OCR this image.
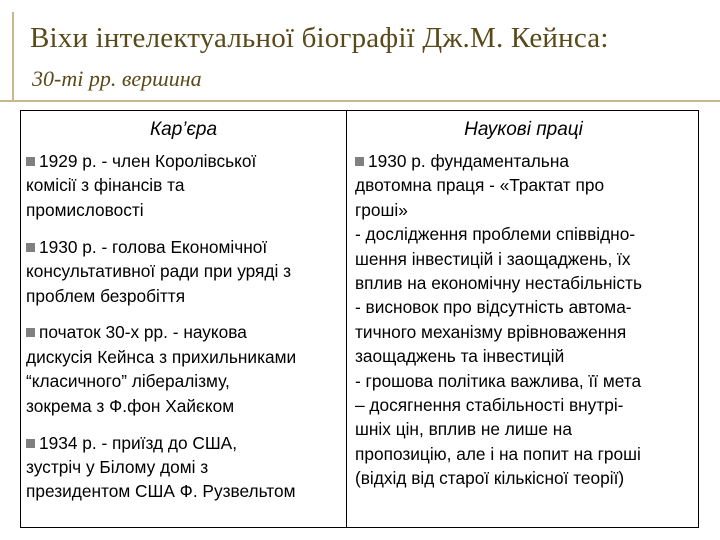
Віхи інтелектуальної біографії Дж.М. Кейнса:
30-ті рр. вершина
Кар’єра	Наукові праці

1929 р. - член Королівської

комісії з фінансів та

промисловості

1930 р. - голова Економічної

консультативної ради при уряді з

проблем безробіття

початок 30-х рр. - наукова

дискусія Кейнса з прихильниками

“класичного” лібералізму,

зокрема з Ф.фон Хайєком

1934 р. - приїзд до США,

зустріч у Білому домі з

президентом США Ф. Рузвельтом

1930 р. фундаментальна

двотомна праця - «Трактат про

гроші»

- дослідження проблеми співвідно-

шення інвестицій і заощаджень, їх

вплив на економічну нестабільність

- висновок про відсутність автома-

тичного механізму врівноваження

заощаджень та інвестицій

- грошова політика важлива, її мета

– досягнення стабільності внутрі-

шніх цін, вплив не лише на

пропозицію, але і на попит на гроші

(відхід від старої кількісної теорії)
